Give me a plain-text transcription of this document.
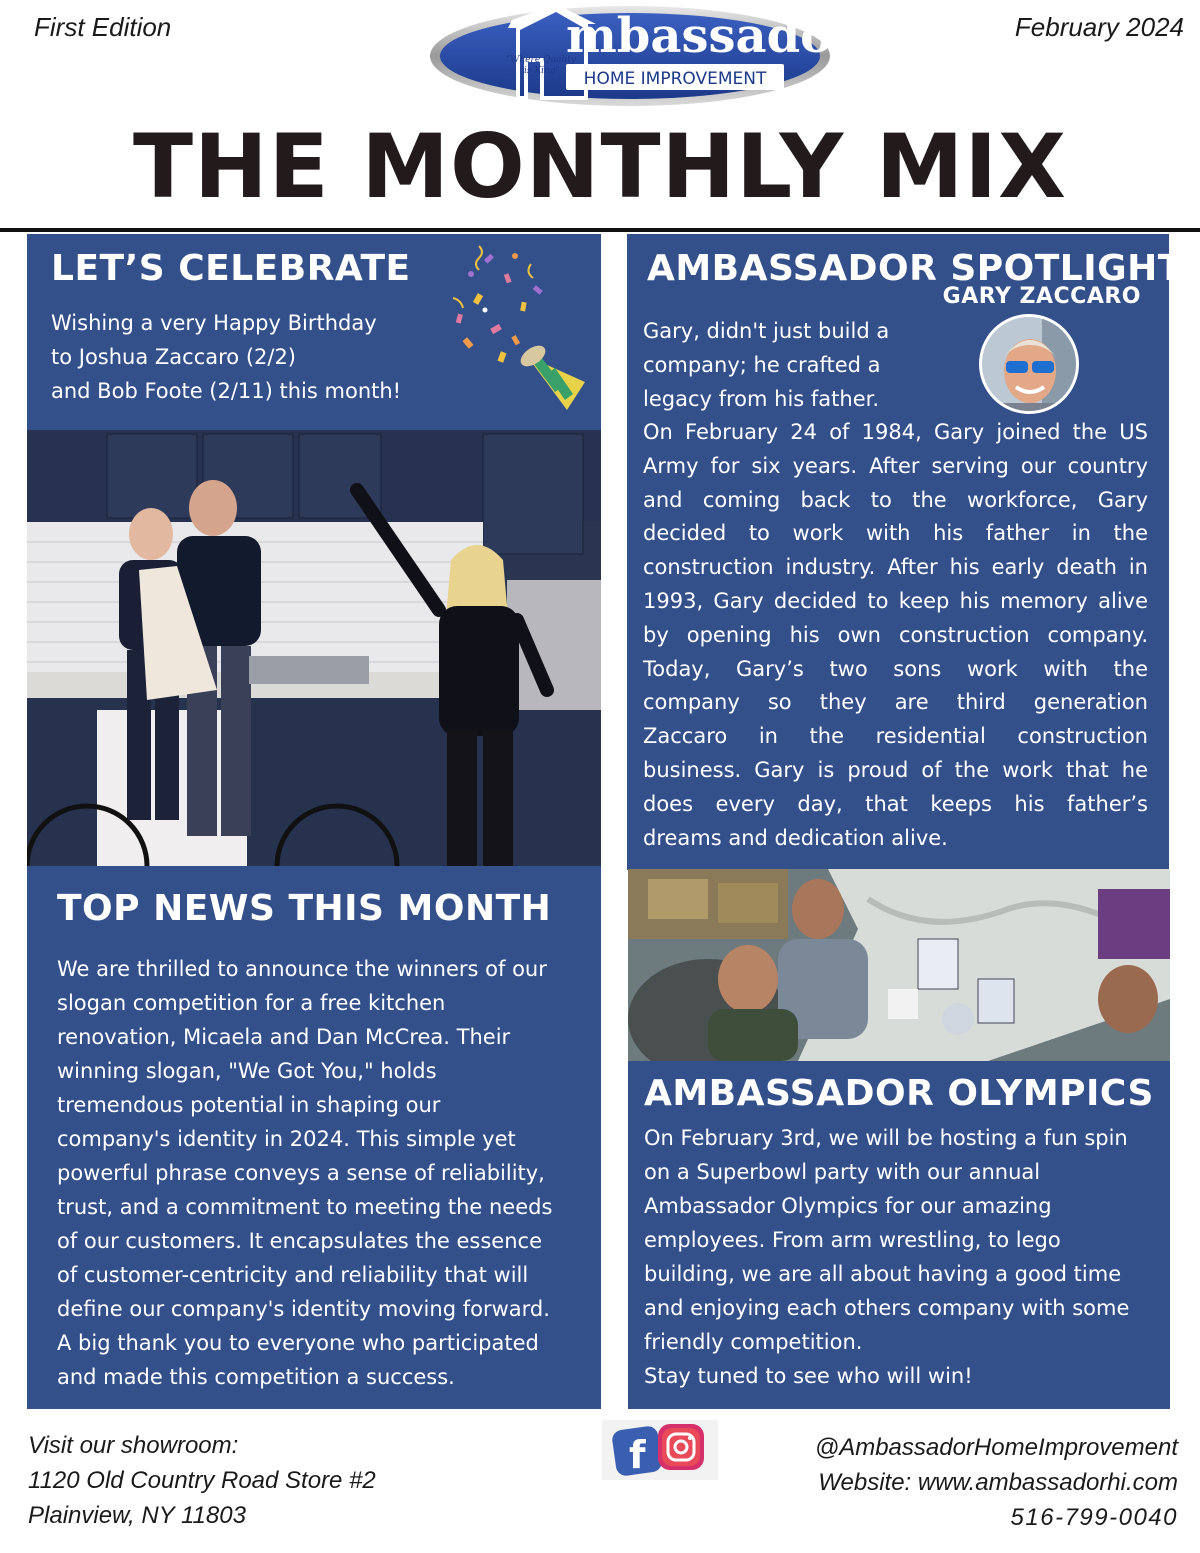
First Edition	February 2024
mbassador
HOME IMPROVEMENT
"Where Quality
is King"
THE MONTHLY MIX
LET’S CELEBRATE
Wishing a very Happy Birthday
to Joshua Zaccaro (2/2)
and Bob Foote (2/11) this month!
TOP NEWS THIS MONTH
We are thrilled to announce the winners of our
slogan competition for a free kitchen
renovation, Micaela and Dan McCrea. Their
winning slogan, "We Got You," holds
tremendous potential in shaping our
company's identity in 2024. This simple yet
powerful phrase conveys a sense of reliability,
trust, and a commitment to meeting the needs
of our customers. It encapsulates the essence
of customer-centricity and reliability that will
define our company's identity moving forward.
A big thank you to everyone who participated
and made this competition a success.
AMBASSADOR SPOTLIGHT
GARY ZACCARO
Gary, didn't just build a
company; he crafted a
legacy from his father.
On February 24 of 1984, Gary joined the US
Army for six years. After serving our country
and coming back to the workforce, Gary
decided to work with his father in the
construction industry. After his early death in
1993, Gary decided to keep his memory alive
by opening his own construction company.
Today, Gary’s two sons work with the
company so they are third generation
Zaccaro in the residential construction
business. Gary is proud of the work that he
does every day, that keeps his father’s
dreams and dedication alive.
AMBASSADOR OLYMPICS
On February 3rd, we will be hosting a fun spin
on a Superbowl party with our annual
Ambassador Olympics for our amazing
employees. From arm wrestling, to lego
building, we are all about having a good time
and enjoying each others company with some
friendly competition.
Stay tuned to see who will win!
Visit our showroom:
1120 Old Country Road Store #2
Plainview, NY 11803
f	@AmbassadorHomeImprovement
Website: www.ambassadorhi.com
516-799-0040
